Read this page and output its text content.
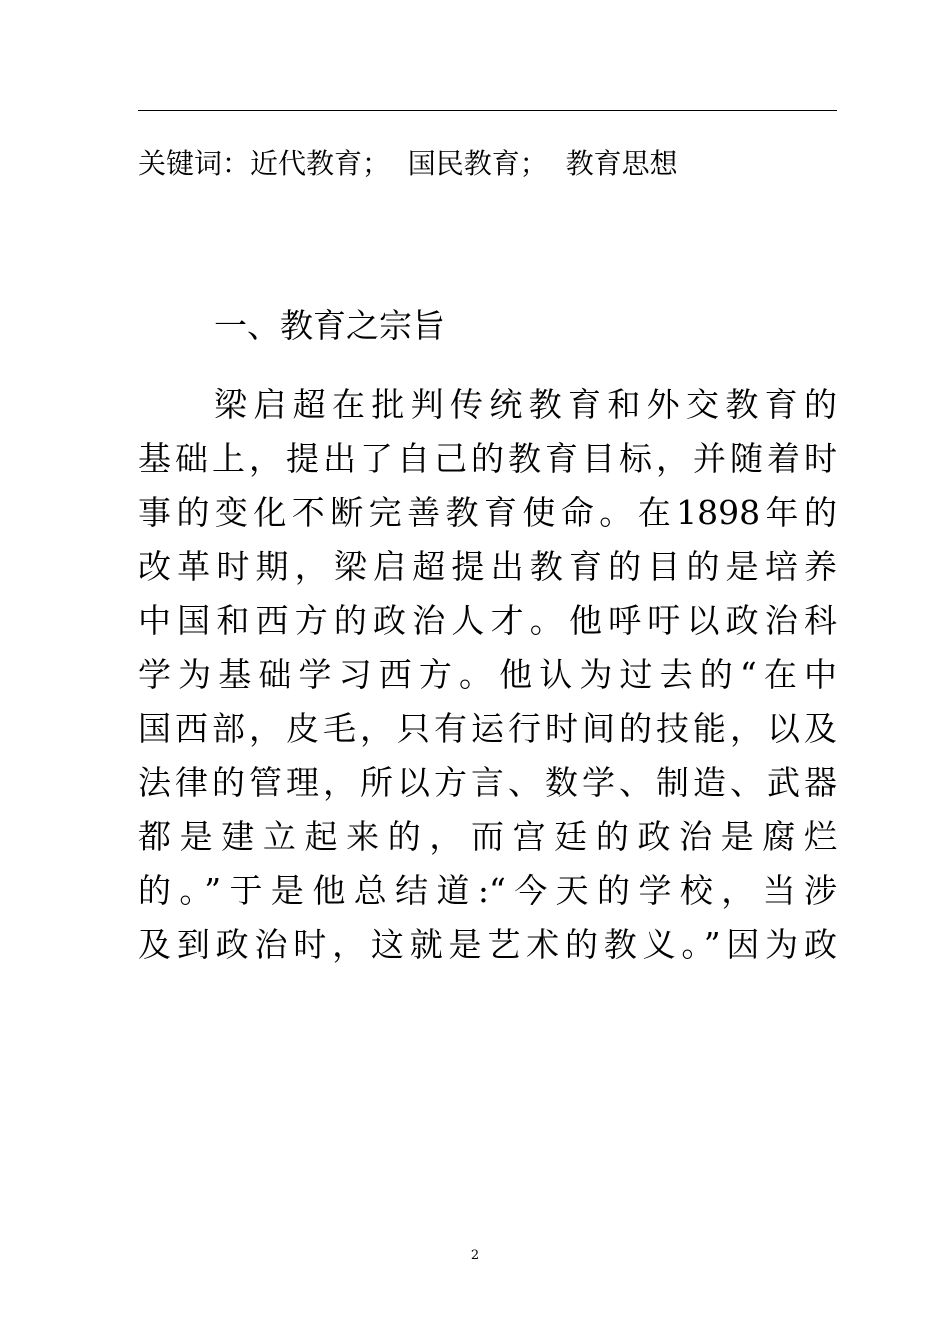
关键词：近代教育；  国民教育；  教育思想
一、教育之宗旨
梁启超在批判传统教育和外交教育的
基础上，提出了自己的教育目标，并随着时
事的变化不断完善教育使命。在1898年的
改革时期，梁启超提出教育的目的是培养
中国和西方的政治人才。他呼吁以政治科
学为基础学习西方。他认为过去的“在中
国西部，皮毛，只有运行时间的技能，以及
法律的管理，所以方言、数学、制造、武器
都是建立起来的，而宫廷的政治是腐烂
的。”于是他总结道:“今天的学校，当涉
及到政治时，这就是艺术的教义。”因为政
2
